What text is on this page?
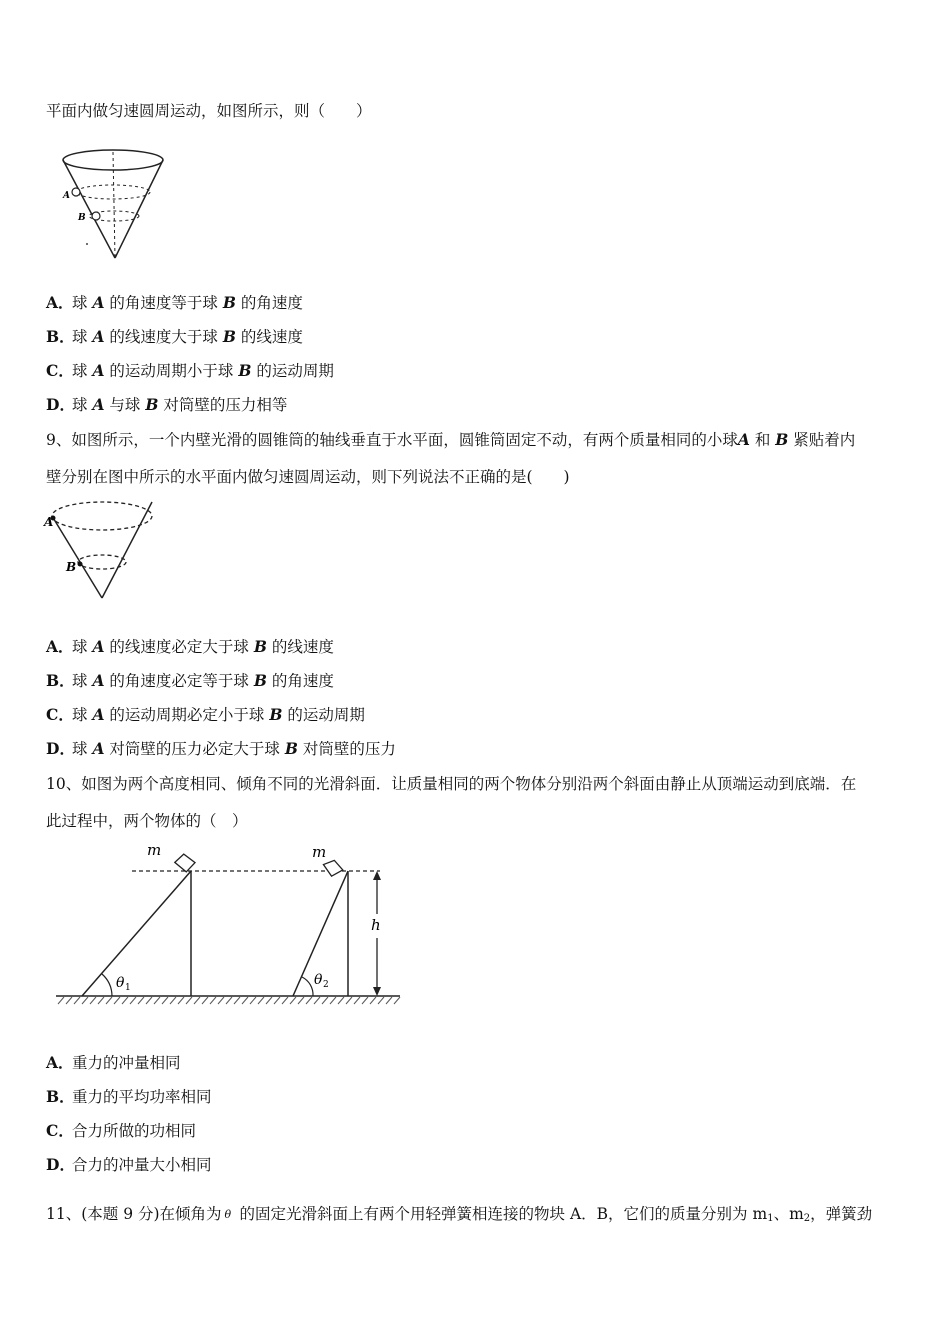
平面内做匀速圆周运动，如图所示，则（　　）
A
B
A．球 A 的角速度等于球 B 的角速度
B．球 A 的线速度大于球 B 的线速度
C．球 A 的运动周期小于球 B 的运动周期
D．球 A 与球 B 对筒壁的压力相等
9、如图所示，一个内壁光滑的圆锥筒的轴线垂直于水平面，圆锥筒固定不动，有两个质量相同的小球A 和 B 紧贴着内
壁分别在图中所示的水平面内做匀速圆周运动，则下列说法不正确的是(　　)
A
B
A．球 A 的线速度必定大于球 B 的线速度
B．球 A 的角速度必定等于球 B 的角速度
C．球 A 的运动周期必定小于球 B 的运动周期
D．球 A 对筒壁的压力必定大于球 B 对筒壁的压力
10、如图为两个高度相同、倾角不同的光滑斜面．让质量相同的两个物体分别沿两个斜面由静止从顶端运动到底端．在
此过程中，两个物体的（　）
m
θ 1	θ 2
m
h
A．重力的冲量相同
B．重力的平均功率相同
C．合力所做的功相同
D．合力的冲量大小相同
11、(本题 9 分)在倾角为 θ 的固定光滑斜面上有两个用轻弹簧相连接的物块 A．B，它们的质量分别为 $m_1$、$m_2$，弹簧劲
